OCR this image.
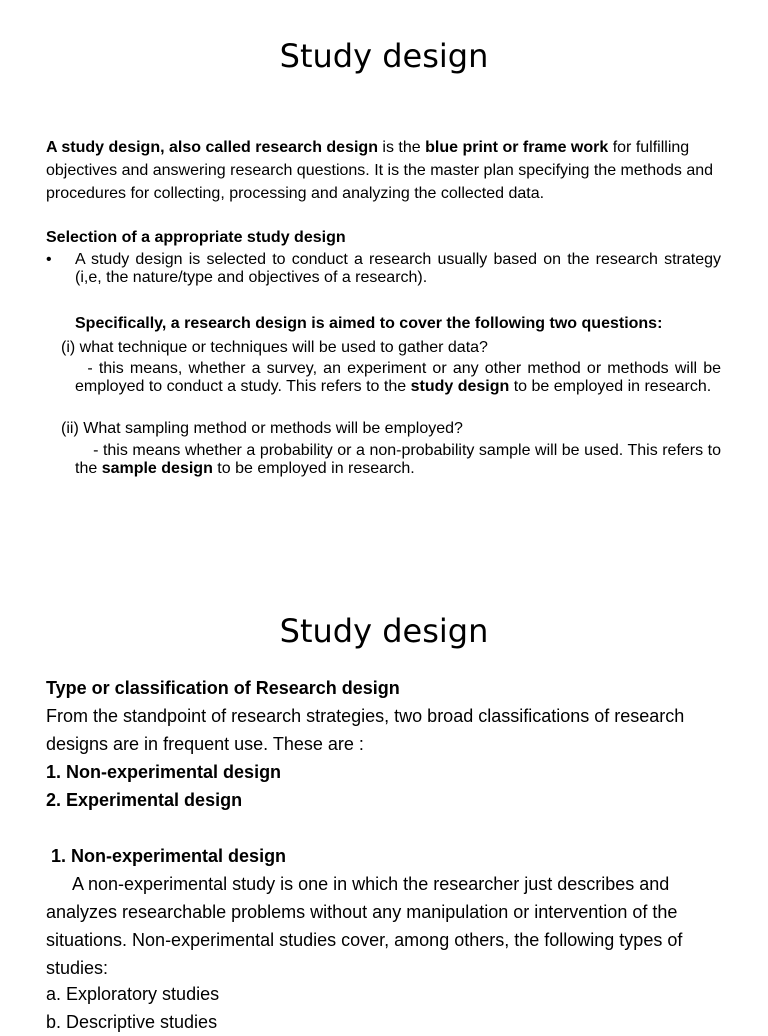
Study design

A study design, also called research design is the blue print or frame work for fulfilling objectives and answering research questions. It is the master plan specifying the methods and procedures for collecting, processing and analyzing the collected data.

Selection of a appropriate study design
• A study design is selected to conduct a research usually based on the research strategy (i,e, the nature/type and objectives of a research).
Specifically, a research design is aimed to cover the following two questions:
(i) what technique or techniques will be used to gather data?
- this means, whether a survey, an experiment or any other method or methods will be employed to conduct a study. This refers to the study design to be employed in research.
(ii) What sampling method or methods will be employed?
- this means whether a probability or a non-probability sample will be used. This refers to the sample design to be employed in research.
Study design
Type or classification of Research design
From the standpoint of research strategies, two broad classifications of research designs are in frequent use. These are :
1. Non-experimental design
2. Experimental design
1. Non-experimental design
A non-experimental study is one in which the researcher just describes and analyzes researchable problems without any manipulation or intervention of the situations. Non-experimental studies cover, among others, the following types of studies:
a. Exploratory studies
b. Descriptive studies
